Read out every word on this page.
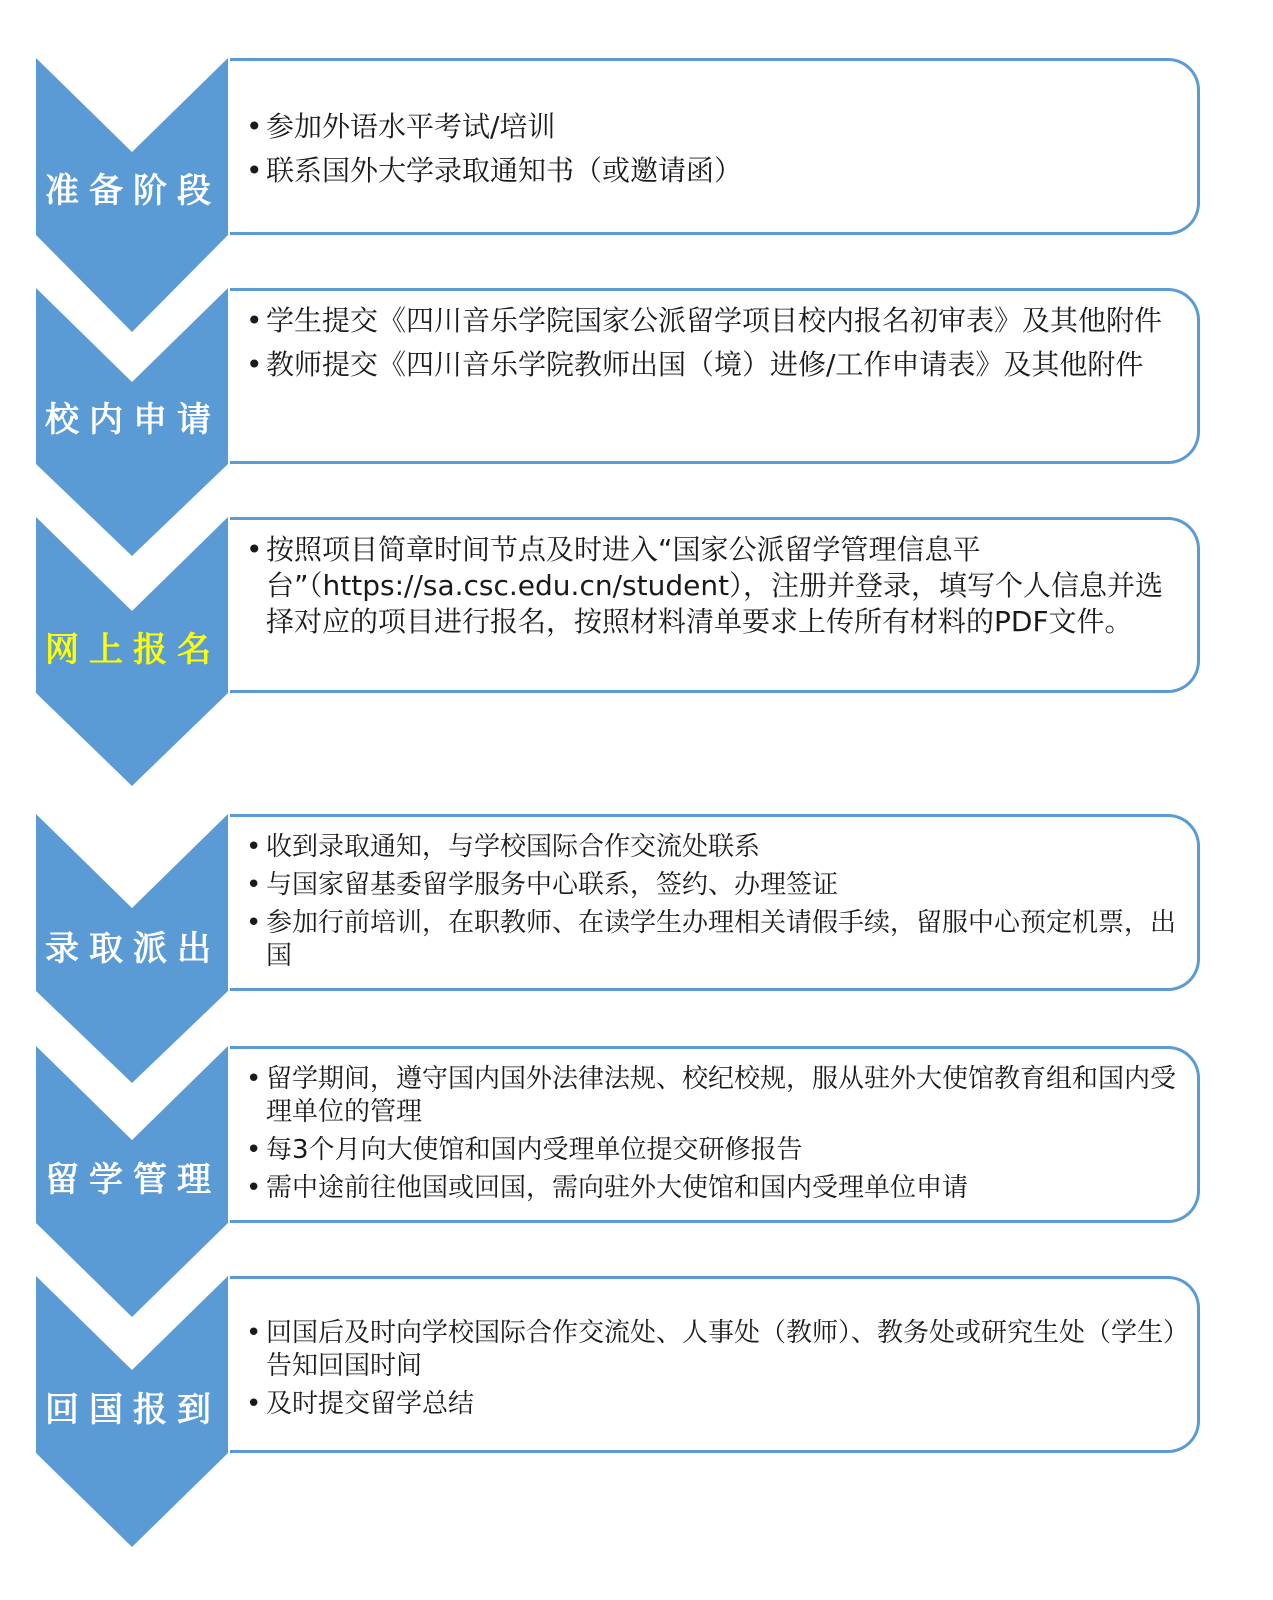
• 参加外语水平考试/培训
• 联系国外大学录取通知书（或邀请函）
准备阶段
• 学生提交《四川音乐学院国家公派留学项目校内报名初审表》及其他附件
• 教师提交《四川音乐学院教师出国（境）进修/工作申请表》及其他附件
校内申请
• 按照项目简章时间节点及时进入“国家公派留学管理信息平台”（https://sa.csc.edu.cn/student），注册并登录，填写个人信息并选择对应的项目进行报名，按照材料清单要求上传所有材料的PDF文件。
网上报名
• 收到录取通知，与学校国际合作交流处联系
• 与国家留基委留学服务中心联系，签约、办理签证
• 参加行前培训，在职教师、在读学生办理相关请假手续，留服中心预定机票，出国
录取派出
• 留学期间，遵守国内国外法律法规、校纪校规，服从驻外大使馆教育组和国内受理单位的管理
• 每3个月向大使馆和国内受理单位提交研修报告
• 需中途前往他国或回国，需向驻外大使馆和国内受理单位申请
留学管理
• 回国后及时向学校国际合作交流处、人事处（教师）、教务处或研究生处（学生）告知回国时间
• 及时提交留学总结
回国报到
